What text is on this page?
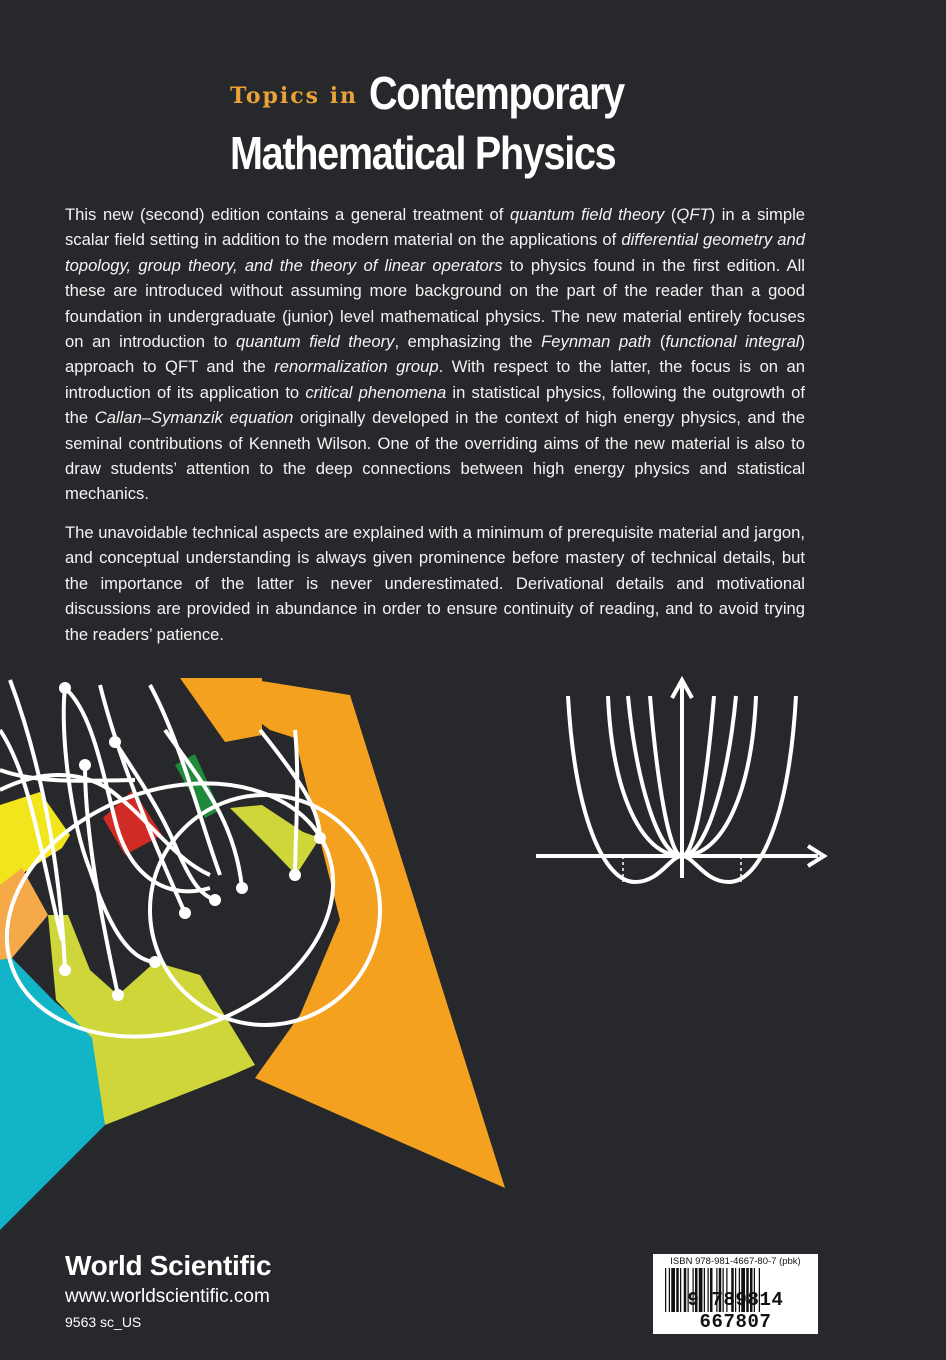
Topics in Contemporary
Mathematical Physics

This new (second) edition contains a general treatment of quantum field theory (QFT) in a simple scalar field setting in addition to the modern material on the applications of differential geometry and topology, group theory, and the theory of linear operators to physics found in the first edition. All these are introduced without assuming more background on the part of the reader than a good foundation in undergraduate (junior) level mathematical physics. The new material entirely focuses on an introduction to quantum field theory, emphasizing the Feynman path (functional integral) approach to QFT and the renormalization group. With respect to the latter, the focus is on an introduction of its application to critical phenomena in statistical physics, following the outgrowth of the Callan–Symanzik equation originally developed in the context of high energy physics, and the seminal contributions of Kenneth Wilson. One of the overriding aims of the new material is also to draw students’ attention to the deep connections between high energy physics and statistical mechanics.

The unavoidable technical aspects are explained with a minimum of prerequisite material and jargon, and conceptual understanding is always given prominence before mastery of technical details, but the importance of the latter is never underestimated. Derivational details and motivational discussions are provided in abundance in order to ensure continuity of reading, and to avoid trying the readers’ patience.

World Scientific
www.worldscientific.com
9563 sc_US
ISBN 978-981-4667-80-7 (pbk)
9 789814 667807
